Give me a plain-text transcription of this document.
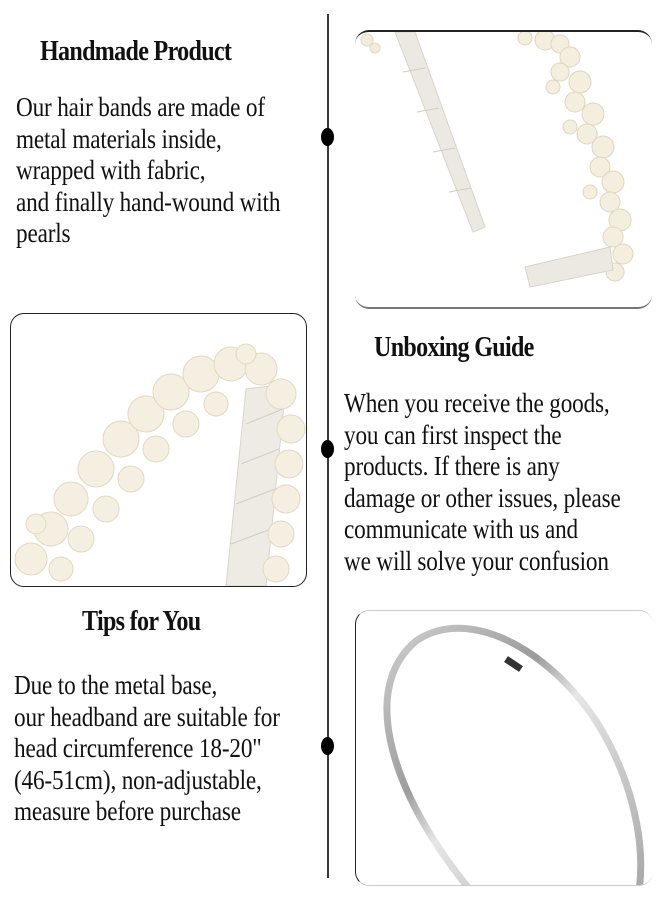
Handmade Product
Our hair bands are made of
metal materials inside,
wrapped with fabric,
and finally hand-wound with
pearls
Unboxing Guide
When you receive the goods,
you can first inspect the
products. If there is any
damage or other issues, please
communicate with us and
we will solve your confusion
Tips for You
Due to the metal base,
our headband are suitable for
head circumference 18-20"
(46-51cm), non-adjustable,
measure before purchase
